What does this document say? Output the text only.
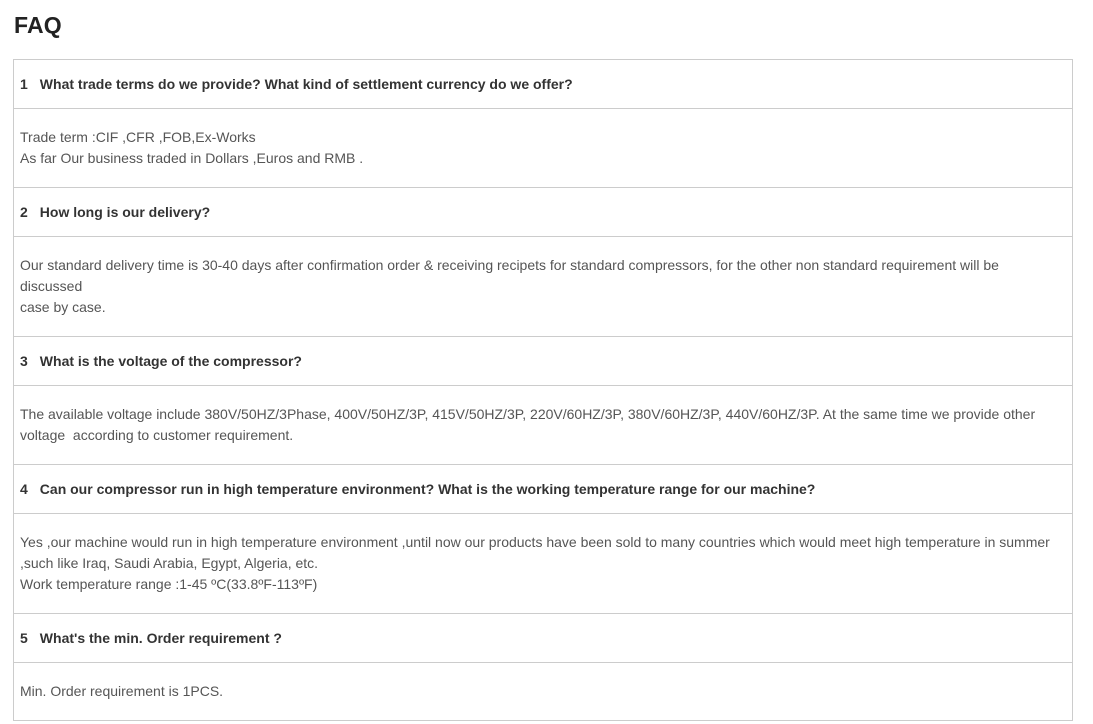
FAQ
1 What trade terms do we provide? What kind of settlement currency do we offer?
Trade term :CIF ,CFR ,FOB,Ex-Works
As far Our business traded in Dollars ,Euros and RMB .
2 How long is our delivery?
Our standard delivery time is 30-40 days after confirmation order & receiving recipets for standard compressors, for the other non standard requirement will be discussed
case by case.
3 What is the voltage of the compressor?
The available voltage include 380V/50HZ/3Phase, 400V/50HZ/3P, 415V/50HZ/3P, 220V/60HZ/3P, 380V/60HZ/3P, 440V/60HZ/3P. At the same time we provide other
voltage  according to customer requirement.
4 Can our compressor run in high temperature environment? What is the working temperature range for our machine?
Yes ,our machine would run in high temperature environment ,until now our products have been sold to many countries which would meet high temperature in summer
,such like Iraq, Saudi Arabia, Egypt, Algeria, etc.
Work temperature range :1-45 ºC(33.8ºF-113ºF)
5 What's the min. Order requirement ?
Min. Order requirement is 1PCS.
